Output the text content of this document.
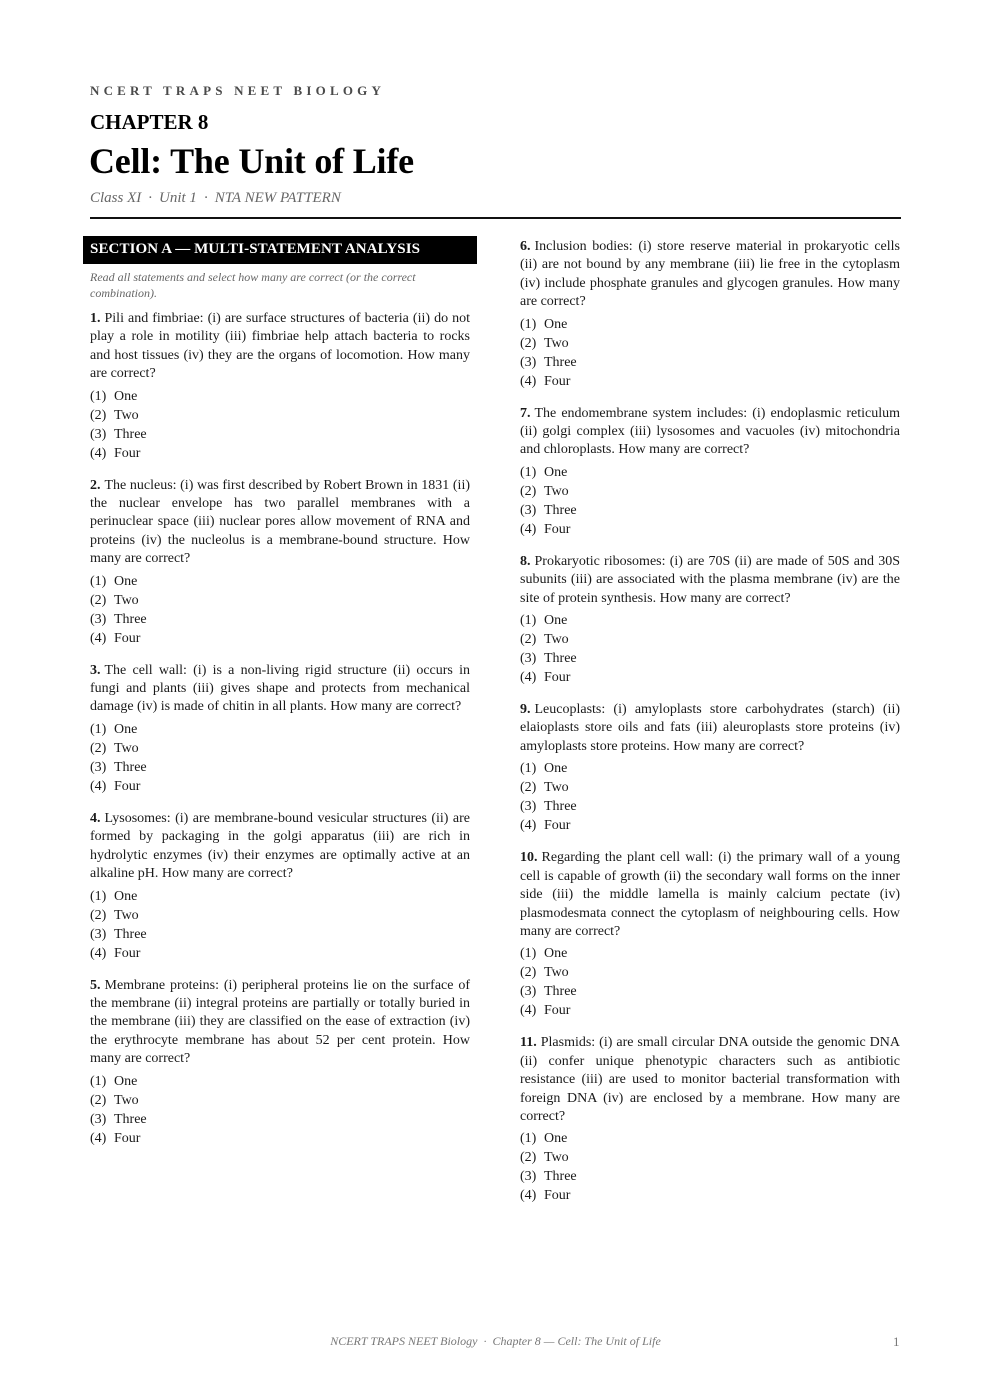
NCERT TRAPS NEET BIOLOGY
CHAPTER 8
Cell: The Unit of Life
Class XI · Unit 1 · NTA NEW PATTERN
SECTION A — MULTI-STATEMENT ANALYSIS
Read all statements and select how many are correct (or the correct combination).

1. Pili and fimbriae: (i) are surface structures of bacteria (ii) do not play a role in motility (iii) fimbriae help attach bacteria to rocks and host tissues (iv) they are the organs of locomotion. How many are correct?

(1) One
(2) Two
(3) Three
(4) Four

2. The nucleus: (i) was first described by Robert Brown in 1831 (ii) the nuclear envelope has two parallel membranes with a perinuclear space (iii) nuclear pores allow movement of RNA and proteins (iv) the nucleolus is a membrane-bound structure. How many are correct?

(1) One
(2) Two
(3) Three
(4) Four

3. The cell wall: (i) is a non-living rigid structure (ii) occurs in fungi and plants (iii) gives shape and protects from mechanical damage (iv) is made of chitin in all plants. How many are correct?

(1) One
(2) Two
(3) Three
(4) Four

4. Lysosomes: (i) are membrane-bound vesicular structures (ii) are formed by packaging in the golgi apparatus (iii) are rich in hydrolytic enzymes (iv) their enzymes are optimally active at an alkaline pH. How many are correct?

(1) One
(2) Two
(3) Three
(4) Four

5. Membrane proteins: (i) peripheral proteins lie on the surface of the membrane (ii) integral proteins are partially or totally buried in the membrane (iii) they are classified on the ease of extraction (iv) the erythrocyte membrane has about 52 per cent protein. How many are correct?

(1) One
(2) Two
(3) Three
(4) Four

6. Inclusion bodies: (i) store reserve material in prokaryotic cells (ii) are not bound by any membrane (iii) lie free in the cytoplasm (iv) include phosphate granules and glycogen granules. How many are correct?

(1) One
(2) Two
(3) Three
(4) Four

7. The endomembrane system includes: (i) endoplasmic reticulum (ii) golgi complex (iii) lysosomes and vacuoles (iv) mitochondria and chloroplasts. How many are correct?

(1) One
(2) Two
(3) Three
(4) Four

8. Prokaryotic ribosomes: (i) are 70S (ii) are made of 50S and 30S subunits (iii) are associated with the plasma membrane (iv) are the site of protein synthesis. How many are correct?

(1) One
(2) Two
(3) Three
(4) Four

9. Leucoplasts: (i) amyloplasts store carbohydrates (starch) (ii) elaioplasts store oils and fats (iii) aleuroplasts store proteins (iv) amyloplasts store proteins. How many are correct?

(1) One
(2) Two
(3) Three
(4) Four

10. Regarding the plant cell wall: (i) the primary wall of a young cell is capable of growth (ii) the secondary wall forms on the inner side (iii) the middle lamella is mainly calcium pectate (iv) plasmodesmata connect the cytoplasm of neighbouring cells. How many are correct?

(1) One
(2) Two
(3) Three
(4) Four

11. Plasmids: (i) are small circular DNA outside the genomic DNA (ii) confer unique phenotypic characters such as antibiotic resistance (iii) are used to monitor bacterial transformation with foreign DNA (iv) are enclosed by a membrane. How many are correct?

(1) One
(2) Two
(3) Three
(4) Four
NCERT TRAPS NEET Biology · Chapter 8 — Cell: The Unit of Life	1
